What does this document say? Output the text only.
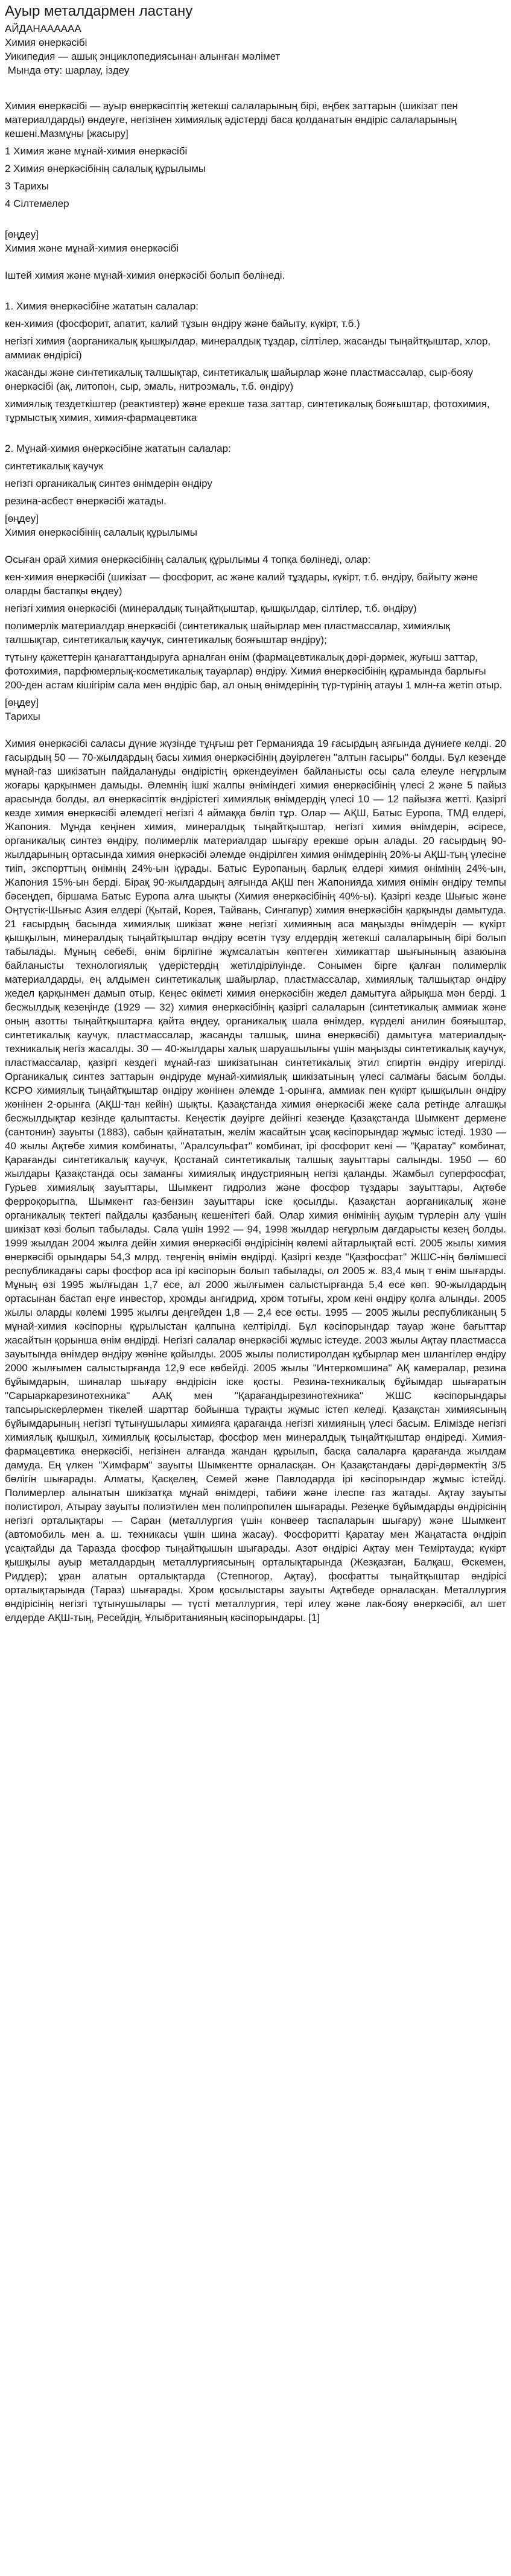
Ауыр металдармен ластану

АЙДАНАААААА

Химия өнеркәсібі

Уикипедия — ашық энциклопедиясынан алынған мәлімет

Мында өту: шарлау, іздеу

Химия өнеркәсібі — ауыр өнеркәсіптің жетекші салаларының бірі, еңбек заттарын (шикізат пен материалдарды) өндеуге, негізінен химиялық әдістерді баса қолданатын өндіріс салаларының кешені.Мазмұны [жасыру]

1 Химия және мұнай-химия өнеркәсібі

2 Химия өнеркәсібінің салалық құрылымы

3 Тарихы

4 Сілтемелер

[өңдеу]

Химия және мұнай-химия өнеркәсібі

Іштей химия және мұнай-химия өнеркәсібі болып бөлінеді.

1. Химия өнеркәсібіне жататын салалар:

кен-химия (фосфорит, апатит, калий тұзын өндіру және байыту, күкірт, т.б.)

негізгі химия (аорганикалық қышқылдар, минералдық тұздар, сілтілер, жасанды тыңайтқыштар, хлор, аммиак өндірісі)

жасанды және синтетикалық талшықтар, синтетикалық шайырлар және пластмассалар, сыр-бояу өнеркәсібі (ақ, литопон, сыр, эмаль, нитроэмаль, т.б. өндіру)

химиялық тездеткіштер (реактивтер) және ерекше таза заттар, синтетикалық бояғыштар, фотохимия, тұрмыстық химия, химия-фармацевтика

2. Мұнай-химия өнеркәсібіне жататын салалар:

синтетикалық каучук

негізгі органикалық синтез өнімдерін өндіру

резина-асбест өнеркәсібі жатады.

[өңдеу]

Химия өнеркәсібінің салалық құрылымы

Осыған орай химия өнеркәсібінің салалық құрылымы 4 топқа бөлінеді, олар:

кен-химия өнеркәсібі (шикізат — фосфорит, ас және калий тұздары, күкірт, т.б. өндіру, байыту және оларды бастапқы өңдеу)

негізгі химия өнеркәсібі (минералдық тыңайтқыштар, қышқылдар, сілтілер, т.б. өндіру)

полимерлік материалдар өнеркәсібі (синтетикалық шайырлар мен пластмассалар, химиялық талшықтар, синтетикалық каучук, синтетикалық бояғыштар өндіру);

түтыну қажеттерін қанағаттандыруға арналған өнім (фармацевтикалық дәрі-дәрмек, жуғыш заттар, фотохимия, парфюмерлық-косметикалық тауарлар) өндіру. Химия өнеркәсібінің құрамында барлығы 200-ден астам кішігірім сала мен өндіріс бар, ал оның өнімдерінің түр-түрінің атауы 1 млн-ға жетіп отыр.

[өңдеу]

Тарихы

Химия өнеркәсібі саласы дүние жүзінде тұңғыш рет Германияда 19 ғасырдың аяғында дүниеге келді. 20 ғасырдың 50 — 70-жылдардың басы химия өнеркәсібінің дәуірлеген "алтын ғасыры" болды. Бұл кезеңде мұнай-газ шикізатын пайдалануды өндірістің өркендеуімен байланысты осы сала елеуле неғұрлым жоғары қарқынмен дамыды. Әлемнің ішкі жалпы өніміндегі химия өнеркәсібінің үлесі 2 және 5 пайыз арасында болды, ал өнеркәсіптік өндірістегі химиялық өнімдердің үлесі 10 — 12 пайызға жетті. Қазіргі кезде химия өнеркәсібі әлемдегі негізгі 4 аймаққа бөліп тұр. Олар — АҚШ, Батыс Еуропа, ТМД елдері, Жапония. Мұнда кеңінен химия, минералдық тыңайтқыштар, негізгі химия өнімдерін, әсіресе, органикалық синтез өндіру, полимерлік материалдар шығару ерекше орын алады. 20 ғасырдың 90-жылдарының ортасында химия өнеркәсібі әлемде өндірілген химия өнімдерінің 20%-ы АҚШ-тың үлесіне тиіп, экспорттың өнімнің 24%-ын құрады. Батыс Еуропаның барлық елдері химия өнімінің 24%-ын, Жапония 15%-ын берді. Бірақ 90-жылдардың аяғында АҚШ пен Жапонияда химия өнімін өндіру темпы бәсеңдеп, біршама Батыс Еуропа алға шықты (Химия өнеркәсібінің 40%-ы). Қазіргі кезде Шығыс және Оңтүстік-Шығыс Азия елдері (Қытай, Корея, Тайвань, Сингапур) химия өнеркәсібін қарқынды дамытуда. 21 ғасырдың басында химиялық шикізат және негізгі химияның аса маңызды өнімдерін — күкірт қышқылын, минералдық тыңайтқыштар өндіру өсетін түзу елдердің жетекші салаларының бірі болып табылады. Мұның себебі, өнім бірлігіне жұмсалатын көптеген химикаттар шығынының азаюына байланысты технологиялық үдерістердің жетілдірілуінде. Сонымен бірге қалған полимерлік материалдарды, ең алдымен синтетикалық шайырлар, пластмассалар, химиялық талшықтар өндіру жедел қарқынмен дамып отыр. Кеңес өкіметі химия өнеркәсібін жедел дамытуға айрықша мән берді. 1 бесжылдық кезеңінде (1929 — 32) химия өнеркәсібінің қазіргі салаларын (синтетикалық аммиак және оның азотты тыңайтқыштарға қайта өңдеу, органикалық шала өнімдер, күрделі анилин бояғыштар, синтетикалық каучук, пластмассалар, жасанды талшық, шина өнеркәсібі) дамытуға материалдық-техникалық негіз жасалды. 30 — 40-жылдары халық шаруашылығы үшін маңызды синтетикалық каучук, пластмассалар, қазіргі кездегі мұнай-газ шикізатынан синтетикалық этил спиртін өндіру игерілді. Органикалық синтез заттарын өндіруде мұнай-химиялық шикізатының үлесі салмағы басым болды. КСРО химиялық тыңайтқыштар өндіру жөнінен әлемде 1-орынға, аммиак пен күкірт қышқылын өндіру жөнінен 2-орынға (АҚШ-тан кейін) шықты. Қазақстанда химия өнеркәсібі жеке сала ретінде алғашқы бесжылдықтар кезінде қалыптасты. Кеңестік дәуірге дейінгі кезеңде Қазақстанда Шымкент дермене (сантонин) зауыты (1883), сабын қайнататын, желім жасайтын ұсақ кәсіпорындар жұмыс істеді. 1930 — 40 жылы Ақтөбе химия комбинаты, "Аралсульфат" комбинат, ірі фосфорит кені — "Қаратау" комбинат, Қарағанды синтетикалық каучук, Қостанай синтетикалық талшық зауыттары салынды. 1950 — 60 жылдары Қазақстанда осы заманғы химиялық индустрияның негізі қаланды. Жамбыл суперфосфат, Гурьев химиялық зауыттары, Шымкент гидролиз және фосфор тұздары зауыттары, Ақтөбе ферроқорытпа, Шымкент газ-бензин зауыттары іске қосылды. Қазақстан аорганикалық және органикалық тектегі пайдалы қазбаның кешенітегі бай. Олар химия өнімінің ауқым түрлерін алу үшін шикізат көзі болып табылады. Сала үшін 1992 — 94, 1998 жылдар неғұрлым дағдарысты кезең болды. 1999 жылдан 2004 жылға дейін химия өнеркәсібі өндірісінің көлемі айтарлықтай өсті. 2005 жылы химия өнеркәсібі орындары 54,3 млрд. теңгенің өнімін өндірді. Қазіргі кезде "Қазфосфат" ЖШС-нің бөлімшесі республикадағы сары фосфор аса ірі кәсіпорын болып табылады, ол 2005 ж. 83,4 мың т өнім шығарды. Мұның өзі 1995 жылғыдан 1,7 есе, ал 2000 жылғымен салыстырғанда 5,4 есе көп. 90-жылдардың ортасынан бастап еңге инвестор, хромды ангидрид, хром тотығы, хром кені өндіру қолға алынды. 2005 жылы оларды көлемі 1995 жылғы деңгейден 1,8 — 2,4 есе өсты. 1995 — 2005 жылы республиканың 5 мұнай-химия кәсіпорны құрылыстан қалпына келтірілді. Бұл кәсіпорындар тауар және бағыттар жасайтын қорынша өнім өндірді. Негізгі салалар өнеркәсібі жұмыс істеуде. 2003 жылы Ақтау пластмасса зауытында өнімдер өндіру жөніне қойылды. 2005 жылы полистиролдан құбырлар мен шлангілер өндіру 2000 жылғымен салыстырғанда 12,9 есе көбейді. 2005 жылы "Интеркомшина" АҚ камералар, резина бұйымдарын, шиналар шығару өндірісін іске қосты. Резина-техникалық бұйымдар шығаратын "Сарыаркарезинотехника" ААҚ мен "Қарағандырезинотехника" ЖШС кәсіпорындары тапсырыскерлермен тікелей шарттар бойынша тұрақты жұмыс істеп келеді. Қазақстан химиясының бұйымдарының негізгі тұтынушылары химияға қарағанда негізгі химияның үлесі басым. Елімізде негізгі химиялық қышқыл, химиялық қосылыстар, фосфор мен минералдық тыңайтқыштар өндіреді. Химия-фармацевтика өнеркәсібі, негізінен алғанда жандан құрылып, басқа салаларға қарағанда жылдам дамуда. Ең үлкен "Химфарм" зауыты Шымкентте орналасқан. Он Қазақстандағы дәрі-дәрмектің 3/5 бөлігін шығарады. Алматы, Қасқелең, Семей және Павлодарда ірі кәсіпорындар жұмыс істейді. Полимерлер алынатын шикізатқа мұнай өнімдері, табиғи және ілеспе газ жатады. Ақтау зауыты полистирол, Атырау зауыты полиэтилен мен полипропилен шығарады. Резеңке бұйымдарды өндірісінің негізгі орталықтары — Саран (металлургия үшін конвеер таспаларын шығару) және Шымкент (автомобиль мен а. ш. техникасы үшін шина жасау). Фосфоритті Қаратау мен Жаңатаста өндіріп ұсақтайды да Таразда фосфор тыңайтқышын шығарады. Азот өндірісі Ақтау мен Теміртауда; күкірт қышқылы ауыр металдардың металлургиясының орталықтарында (Жезқазған, Балқаш, Өскемен, Риддер); ұран алатын орталықтарда (Степногор, Ақтау), фосфатты тыңайтқыштар өндірісі орталықтарында (Тараз) шығарады. Хром қосылыстары зауыты Ақтөбеде орналасқан. Металлургия өндірісінің негізгі тұтынушылары — түсті металлургия, тері илеу және лак-бояу өнеркәсібі, ал шет елдерде АҚШ-тың, Ресейдің, Ұлыбританияның кәсіпорындары. [1]
